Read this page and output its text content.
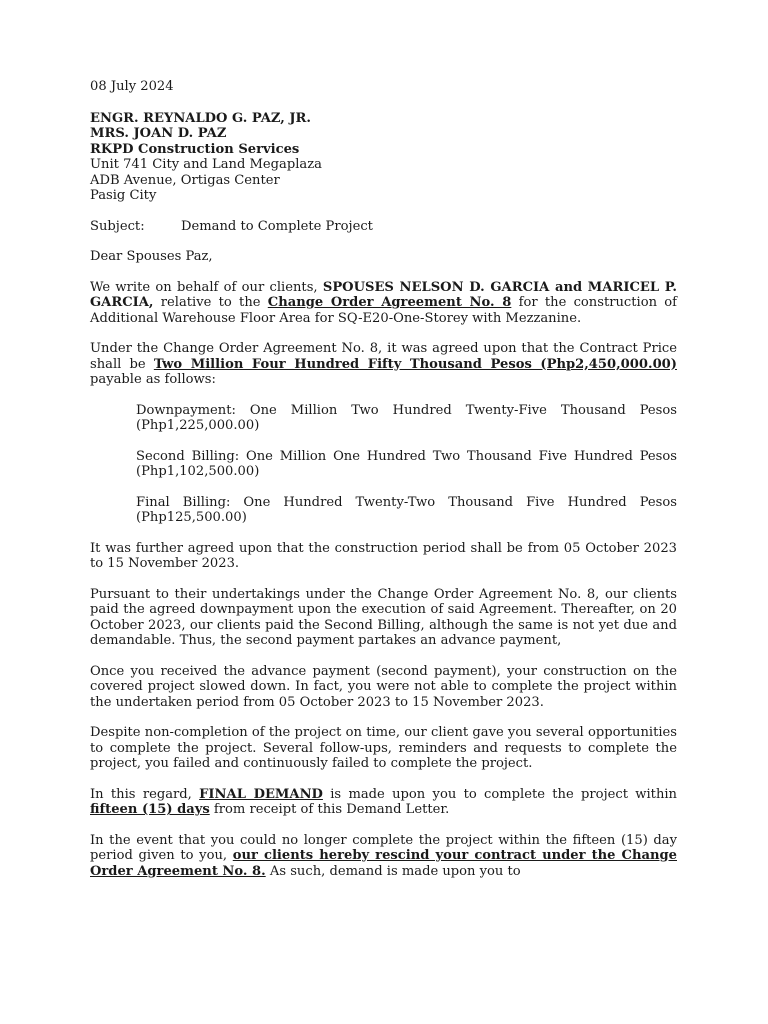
08 July 2024
ENGR. REYNALDO G. PAZ, JR.
MRS. JOAN D. PAZ
RKPD Construction Services
Unit 741 City and Land Megaplaza
ADB Avenue, Ortigas Center
Pasig City
Subject:	Demand to Complete Project
Dear Spouses Paz,

We write on behalf of our clients, SPOUSES NELSON D. GARCIA and MARICEL P. GARCIA, relative to the Change Order Agreement No. 8 for the construction of Additional Warehouse Floor Area for SQ-E20-One-Storey with Mezzanine.

Under the Change Order Agreement No. 8, it was agreed upon that the Contract Price shall be Two Million Four Hundred Fifty Thousand Pesos (Php2,450,000.00) payable as follows:

Downpayment: One Million Two Hundred Twenty-Five Thousand Pesos (Php1,225,000.00)

Second Billing: One Million One Hundred Two Thousand Five Hundred Pesos (Php1,102,500.00)

Final Billing: One Hundred Twenty-Two Thousand Five Hundred Pesos (Php125,500.00)

It was further agreed upon that the construction period shall be from 05 October 2023 to 15 November 2023.

Pursuant to their undertakings under the Change Order Agreement No. 8, our clients paid the agreed downpayment upon the execution of said Agreement. Thereafter, on 20 October 2023, our clients paid the Second Billing, although the same is not yet due and demandable. Thus, the second payment partakes an advance payment,

Once you received the advance payment (second payment), your construction on the covered project slowed down. In fact, you were not able to complete the project within the undertaken period from 05 October 2023 to 15 November 2023.

Despite non-completion of the project on time, our client gave you several opportunities to complete the project. Several follow-ups, reminders and requests to complete the project, you failed and continuously failed to complete the project.

In this regard, FINAL DEMAND is made upon you to complete the project within fifteen (15) days from receipt of this Demand Letter.

In the event that you could no longer complete the project within the fifteen (15) day period given to you, our clients hereby rescind your contract under the Change Order Agreement No. 8. As such, demand is made upon you to
